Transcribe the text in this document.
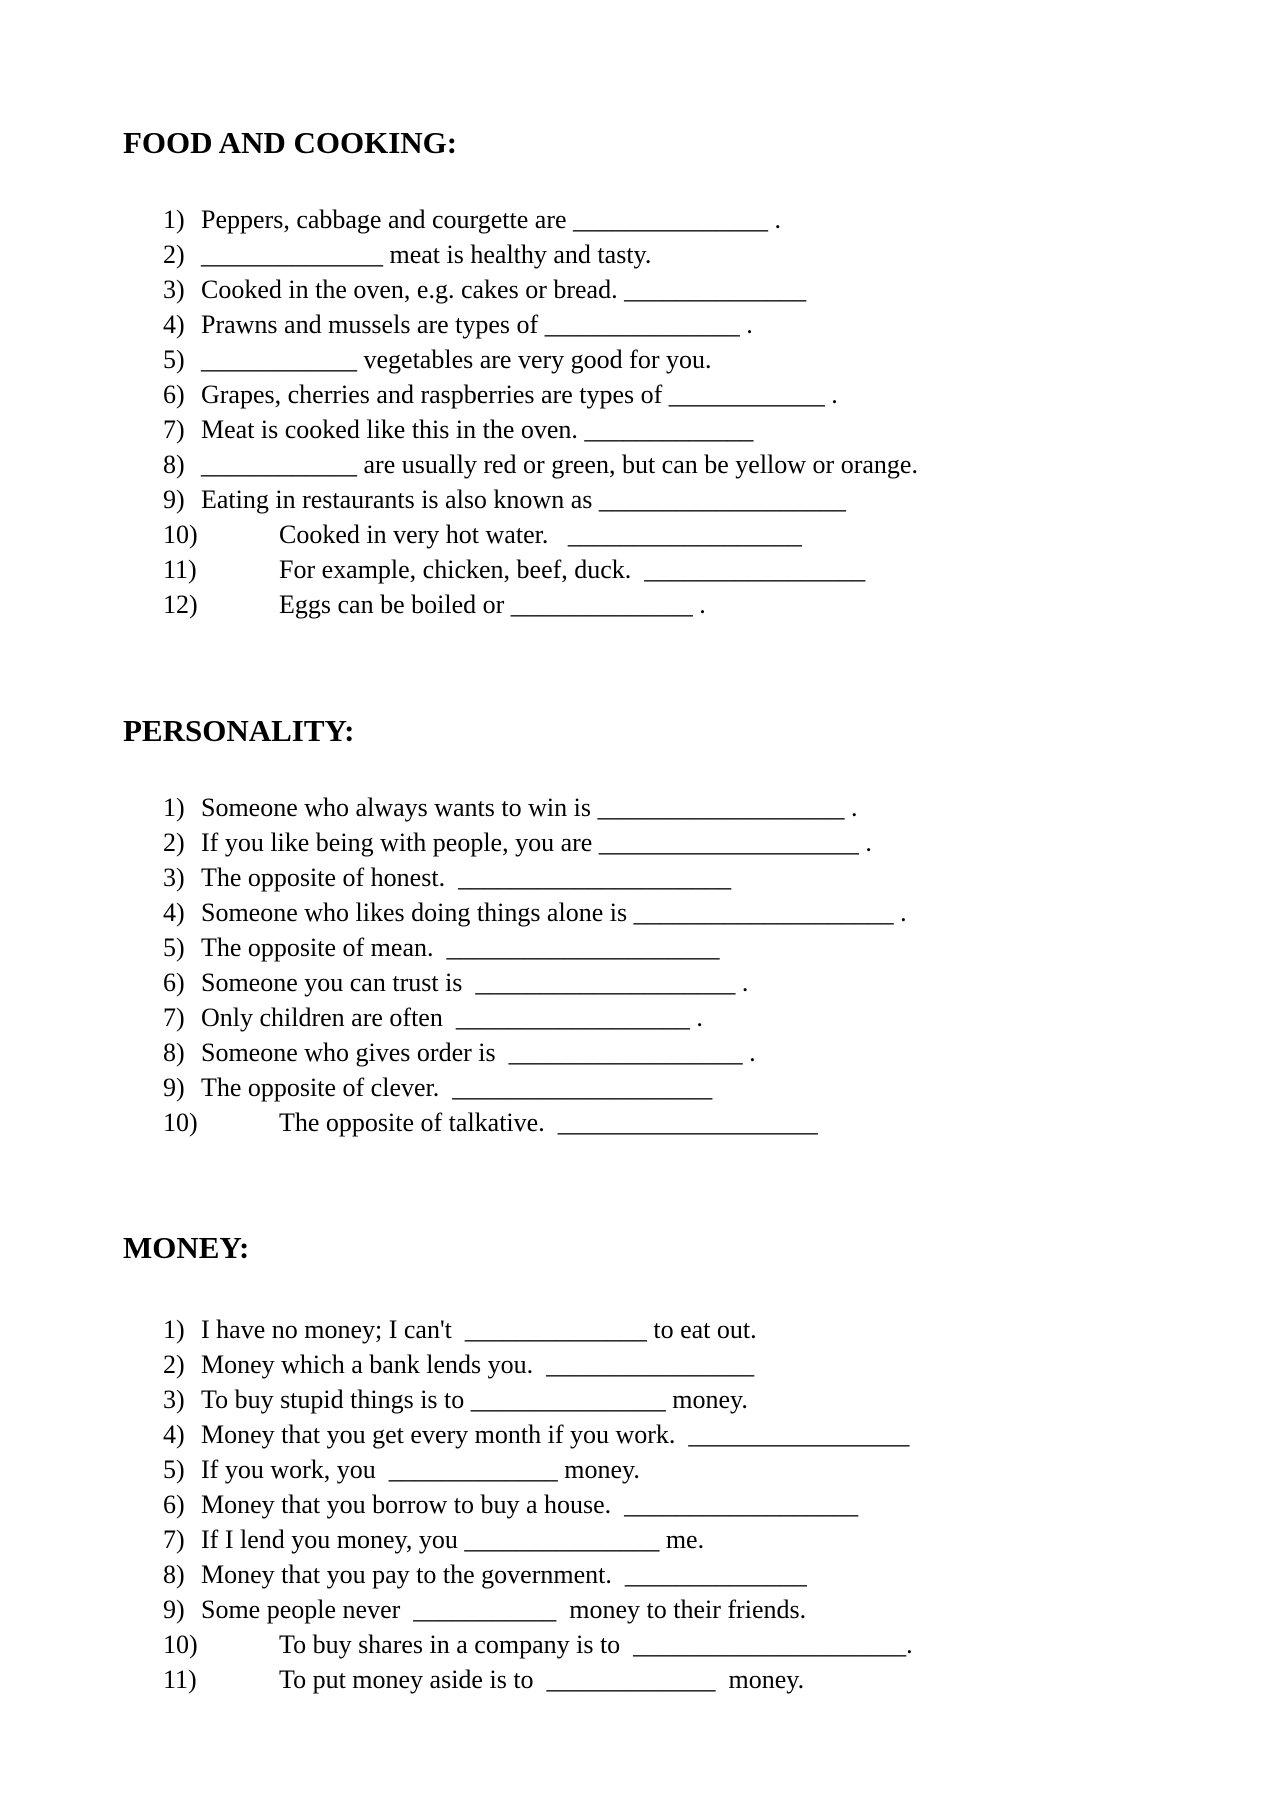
FOOD AND COOKING:
1) Peppers, cabbage and courgette are _______________ .
2) ______________ meat is healthy and tasty.
3) Cooked in the oven, e.g. cakes or bread. ______________
4) Prawns and mussels are types of _______________ .
5) ____________ vegetables are very good for you.
6) Grapes, cherries and raspberries are types of ____________ .
7) Meat is cooked like this in the oven. _____________
8) ____________ are usually red or green, but can be yellow or orange.
9) Eating in restaurants is also known as ___________________
10)	Cooked in very hot water.   __________________
11)	For example, chicken, beef, duck.  _________________
12)	Eggs can be boiled or ______________ .
PERSONALITY:
1) Someone who always wants to win is ___________________ .
2) If you like being with people, you are ____________________ .
3) The opposite of honest.  _____________________
4) Someone who likes doing things alone is ____________________ .
5) The opposite of mean.  _____________________
6) Someone you can trust is  ____________________ .
7) Only children are often  __________________ .
8) Someone who gives order is  __________________ .
9) The opposite of clever.  ____________________
10)	The opposite of talkative.  ____________________
MONEY:
1) I have no money; I can't  ______________ to eat out.
2) Money which a bank lends you.  ________________
3) To buy stupid things is to _______________ money.
4) Money that you get every month if you work.  _________________
5) If you work, you  _____________ money.
6) Money that you borrow to buy a house.  __________________
7) If I lend you money, you _______________ me.
8) Money that you pay to the government.  ______________
9) Some people never  ___________  money to their friends.
10)	To buy shares in a company is to  _____________________.
11)	To put money aside is to  _____________  money.
